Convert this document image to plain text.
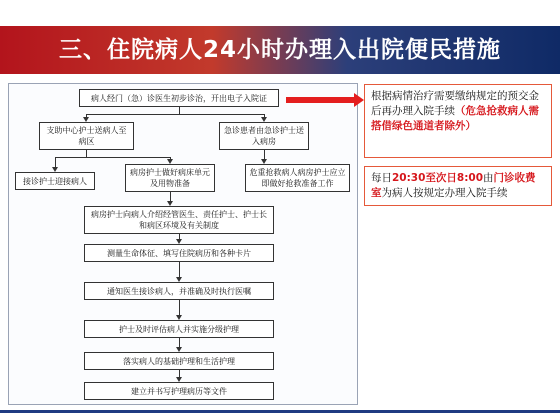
三、住院病人24小时办理入出院便民措施
病人经门（急）诊医生初步诊治，开出电子入院证
支助中心护士送病人至病区
急诊患者由急诊护士送入病房
接诊护士迎接病人
病房护士做好病床单元及用物准备
危重抢救病人病房护士应立即做好抢救准备工作
病房护士向病人介绍经管医生、责任护士、护士长和病区环境及有关制度
测量生命体征、填写住院病历和各种卡片
通知医生接诊病人，并准确及时执行医嘱
护士及时评估病人并实施分级护理
落实病人的基础护理和生活护理
建立并书写护理病历等文件
根据病情治疗需要缴纳规定的预交金后再办理入院手续（危急抢救病人需搭借绿色通道者除外）
每日20:30至次日8:00由门诊收费室为病人按规定办理入院手续
